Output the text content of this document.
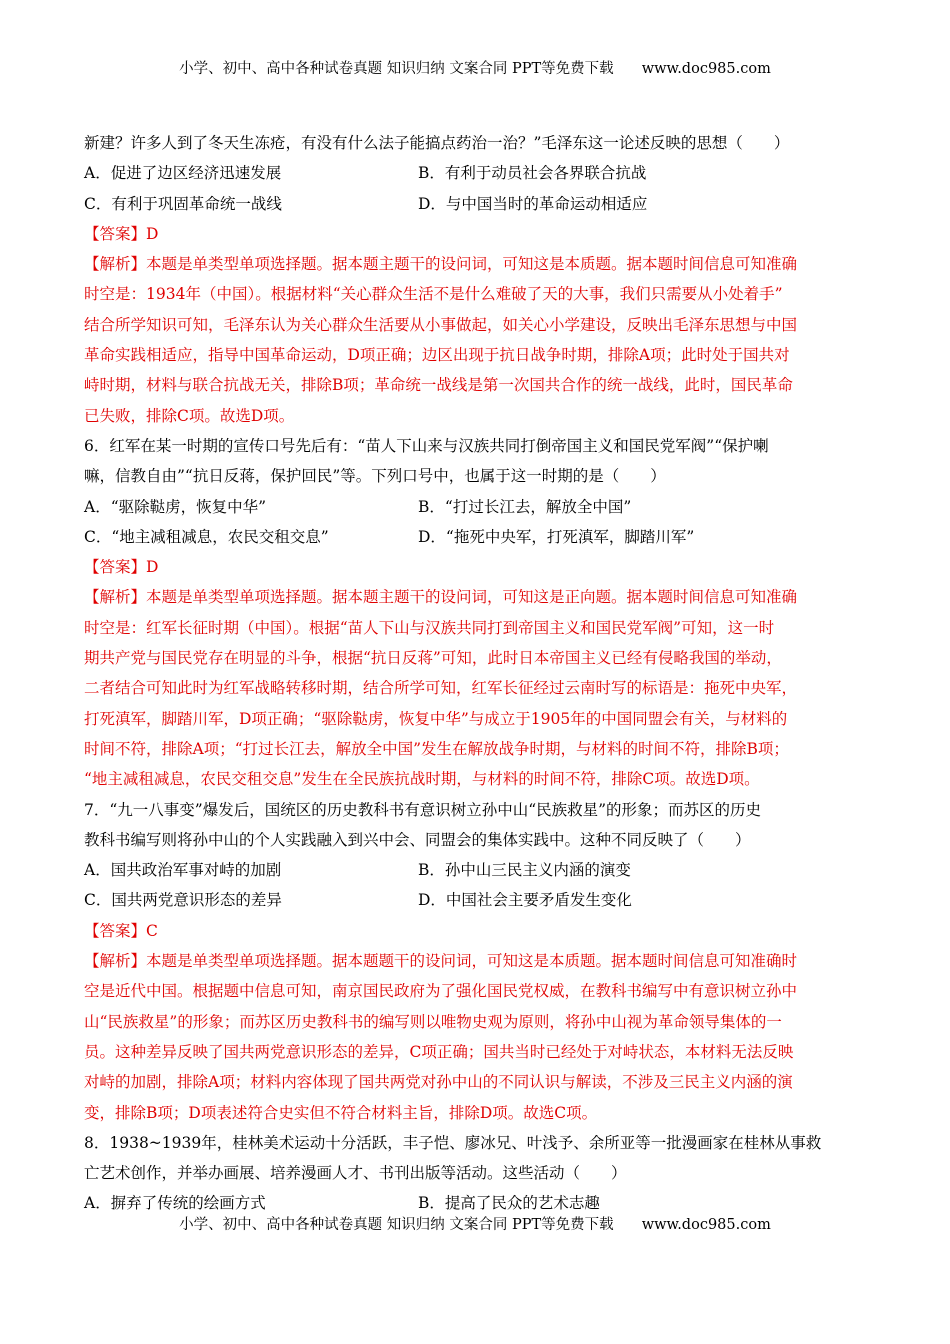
小学、初中、高中各种试卷真题 知识归纳 文案合同 PPT等免费下载 www.doc985.com
新建？许多人到了冬天生冻疮，有没有什么法子能搞点药治一治？”毛泽东这一论述反映的思想（　　）
A．促进了边区经济迅速发展	B．有利于动员社会各界联合抗战
C．有利于巩固革命统一战线	D．与中国当时的革命运动相适应
【答案】D
【解析】本题是单类型单项选择题。据本题主题干的设问词，可知这是本质题。据本题时间信息可知准确
时空是：1934年（中国）。根据材料“关心群众生活不是什么难破了天的大事，我们只需要从小处着手”
结合所学知识可知，毛泽东认为关心群众生活要从小事做起，如关心小学建设，反映出毛泽东思想与中国
革命实践相适应，指导中国革命运动，D项正确；边区出现于抗日战争时期，排除A项；此时处于国共对
峙时期，材料与联合抗战无关，排除B项；革命统一战线是第一次国共合作的统一战线，此时，国民革命
已失败，排除C项。故选D项。
6．红军在某一时期的宣传口号先后有：“苗人下山来与汉族共同打倒帝国主义和国民党军阀”“保护喇
嘛，信教自由”“抗日反蒋，保护回民”等。下列口号中，也属于这一时期的是（　　）
A．“驱除鞑虏，恢复中华”	B．“打过长江去，解放全中国”
C．“地主减租减息，农民交租交息”	D．“拖死中央军，打死滇军，脚踏川军”
【答案】D
【解析】本题是单类型单项选择题。据本题主题干的设问词，可知这是正向题。据本题时间信息可知准确
时空是：红军长征时期（中国）。根据“苗人下山与汉族共同打到帝国主义和国民党军阀”可知，这一时
期共产党与国民党存在明显的斗争，根据“抗日反蒋”可知，此时日本帝国主义已经有侵略我国的举动，
二者结合可知此时为红军战略转移时期，结合所学可知，红军长征经过云南时写的标语是：拖死中央军，
打死滇军，脚踏川军，D项正确；“驱除鞑虏，恢复中华”与成立于1905年的中国同盟会有关，与材料的
时间不符，排除A项；“打过长江去，解放全中国”发生在解放战争时期，与材料的时间不符，排除B项；
“地主减租减息，农民交租交息”发生在全民族抗战时期，与材料的时间不符，排除C项。故选D项。
7．“九一八事变”爆发后，国统区的历史教科书有意识树立孙中山“民族救星”的形象；而苏区的历史
教科书编写则将孙中山的个人实践融入到兴中会、同盟会的集体实践中。这种不同反映了（　　）
A．国共政治军事对峙的加剧	B．孙中山三民主义内涵的演变
C．国共两党意识形态的差异	D．中国社会主要矛盾发生变化
【答案】C
【解析】本题是单类型单项选择题。据本题题干的设问词，可知这是本质题。据本题时间信息可知准确时
空是近代中国。根据题中信息可知，南京国民政府为了强化国民党权威，在教科书编写中有意识树立孙中
山“民族救星”的形象；而苏区历史教科书的编写则以唯物史观为原则，将孙中山视为革命领导集体的一
员。这种差异反映了国共两党意识形态的差异，C项正确；国共当时已经处于对峙状态，本材料无法反映
对峙的加剧，排除A项；材料内容体现了国共两党对孙中山的不同认识与解读，不涉及三民主义内涵的演
变，排除B项；D项表述符合史实但不符合材料主旨，排除D项。故选C项。
8．1938~1939年，桂林美术运动十分活跃，丰子恺、廖冰兄、叶浅予、余所亚等一批漫画家在桂林从事救
亡艺术创作，并举办画展、培养漫画人才、书刊出版等活动。这些活动（　　）
A．摒弃了传统的绘画方式	B．提高了民众的艺术志趣
小学、初中、高中各种试卷真题 知识归纳 文案合同 PPT等免费下载 www.doc985.com
